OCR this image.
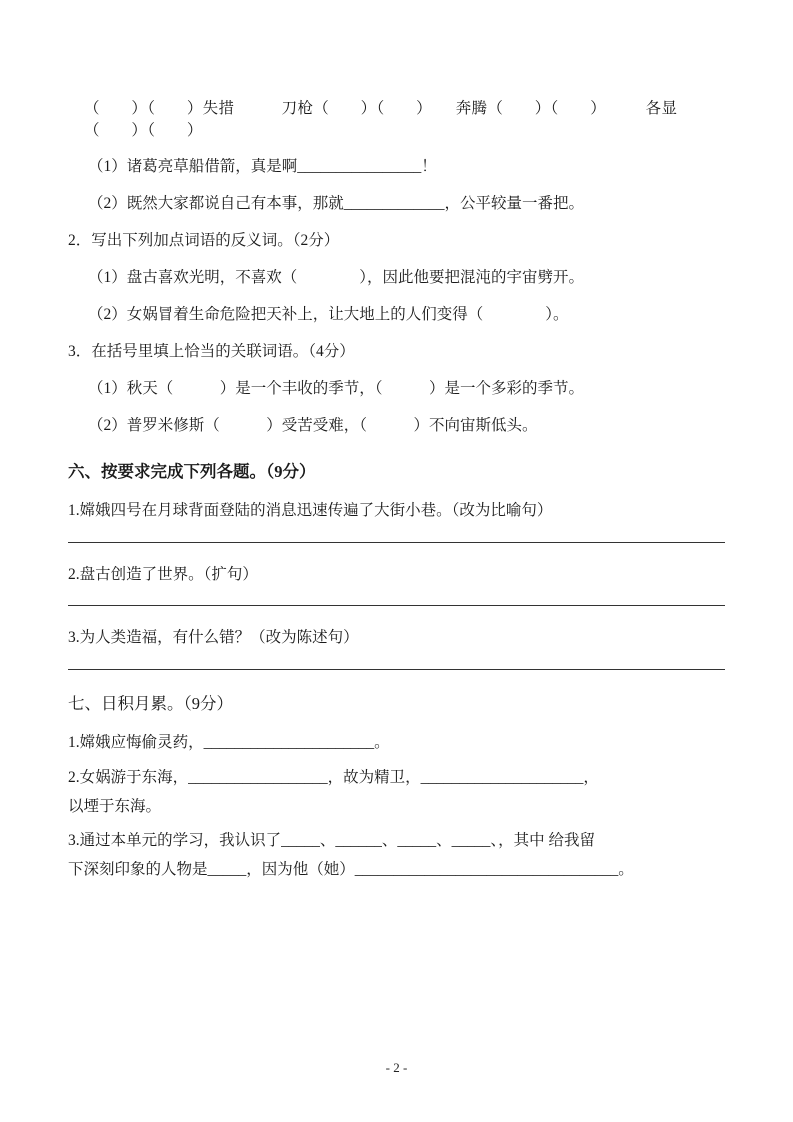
（　　）（　　）失措　　　刀枪（　　）（　　）　　奔腾（　　）（　　）　　　各显（　　）（　　）
（1）诸葛亮草船借箭，真是啊________________！
（2）既然大家都说自己有本事，那就_____________，公平较量一番把。
2．写出下列加点词语的反义词。（2分）
（1）盘古喜欢光明，不喜欢（　　　　），因此他要把混沌的宇宙劈开。
（2）女娲冒着生命危险把天补上，让大地上的人们变得（　　　　）。
3．在括号里填上恰当的关联词语。（4分）
（1）秋天（　　　）是一个丰收的季节，（　　　）是一个多彩的季节。
（2）普罗米修斯（　　　）受苦受难，（　　　）不向宙斯低头。
六、按要求完成下列各题。（9分）
1.嫦娥四号在月球背面登陆的消息迅速传遍了大街小巷。（改为比喻句）
2.盘古创造了世界。（扩句）
3.为人类造福，有什么错？（改为陈述句）
七、日积月累。（9分）
1.嫦娥应悔偷灵药，______________________。
2.女娲游于东海，__________________，故为精卫，_____________________，
以堙于东海。
3.通过本单元的学习，我认识了_____、______、_____、_____、，其中 给我留
下深刻印象的人物是_____，因为他（她）__________________________________。
- 2 -
